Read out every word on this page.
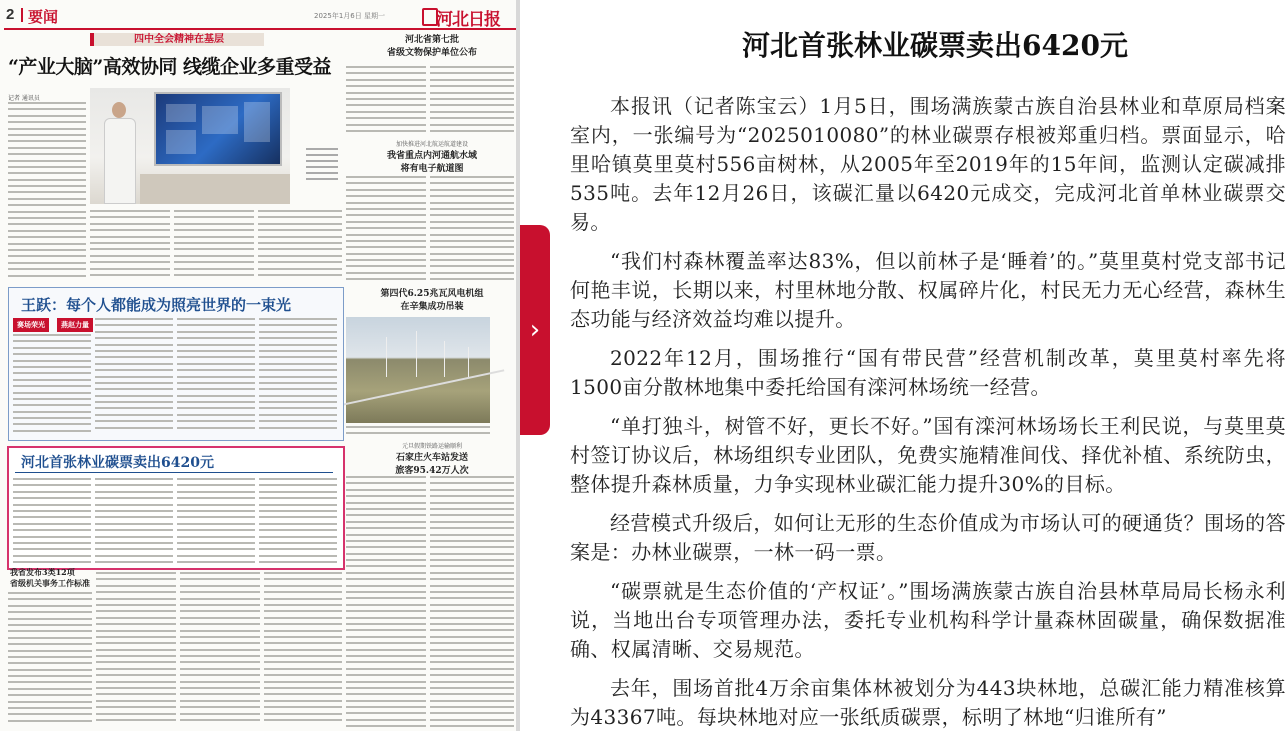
2 要闻	2025年1月6日 星期一	河北日报
四中全会精神在基层
“产业大脑”高效协同 线缆企业多重受益
记者 通讯员
河北省第七批
省级文物保护单位公布
加快推进河北航运航道建设
我省重点内河通航水域
将有电子航道图
第四代6.25兆瓦风电机组
在辛集成功吊装
王跃：每个人都能成为照亮世界的一束光
赛场荣光	燕赵力量
河北首张林业碳票卖出6420元
元旦假期铁路运输顺利
石家庄火车站发送
旅客95.42万人次
我省发布3类12项
省级机关事务工作标准
›
河北首张林业碳票卖出6420元

本报讯（记者陈宝云）1月5日，围场满族蒙古族自治县林业和草原局档案室内，一张编号为“2025010080”的林业碳票存根被郑重归档。票面显示，哈里哈镇莫里莫村556亩树林，从2005年至2019年的15年间，监测认定碳减排535吨。去年12月26日，该碳汇量以6420元成交，完成河北首单林业碳票交易。

“我们村森林覆盖率达83%，但以前林子是‘睡着’的。”莫里莫村党支部书记何艳丰说，长期以来，村里林地分散、权属碎片化，村民无力无心经营，森林生态功能与经济效益均难以提升。

2022年12月，围场推行“国有带民营”经营机制改革，莫里莫村率先将1500亩分散林地集中委托给国有滦河林场统一经营。

“单打独斗，树管不好，更长不好。”国有滦河林场场长王利民说，与莫里莫村签订协议后，林场组织专业团队，免费实施精准间伐、择优补植、系统防虫，整体提升森林质量，力争实现林业碳汇能力提升30%的目标。

经营模式升级后，如何让无形的生态价值成为市场认可的硬通货？围场的答案是：办林业碳票，一林一码一票。

“碳票就是生态价值的‘产权证’。”围场满族蒙古族自治县林草局局长杨永利说，当地出台专项管理办法，委托专业机构科学计量森林固碳量，确保数据准确、权属清晰、交易规范。

去年，围场首批4万余亩集体林被划分为443块林地，总碳汇能力精准核算为43367吨。每块林地对应一张纸质碳票，标明了林地“归谁所有”
